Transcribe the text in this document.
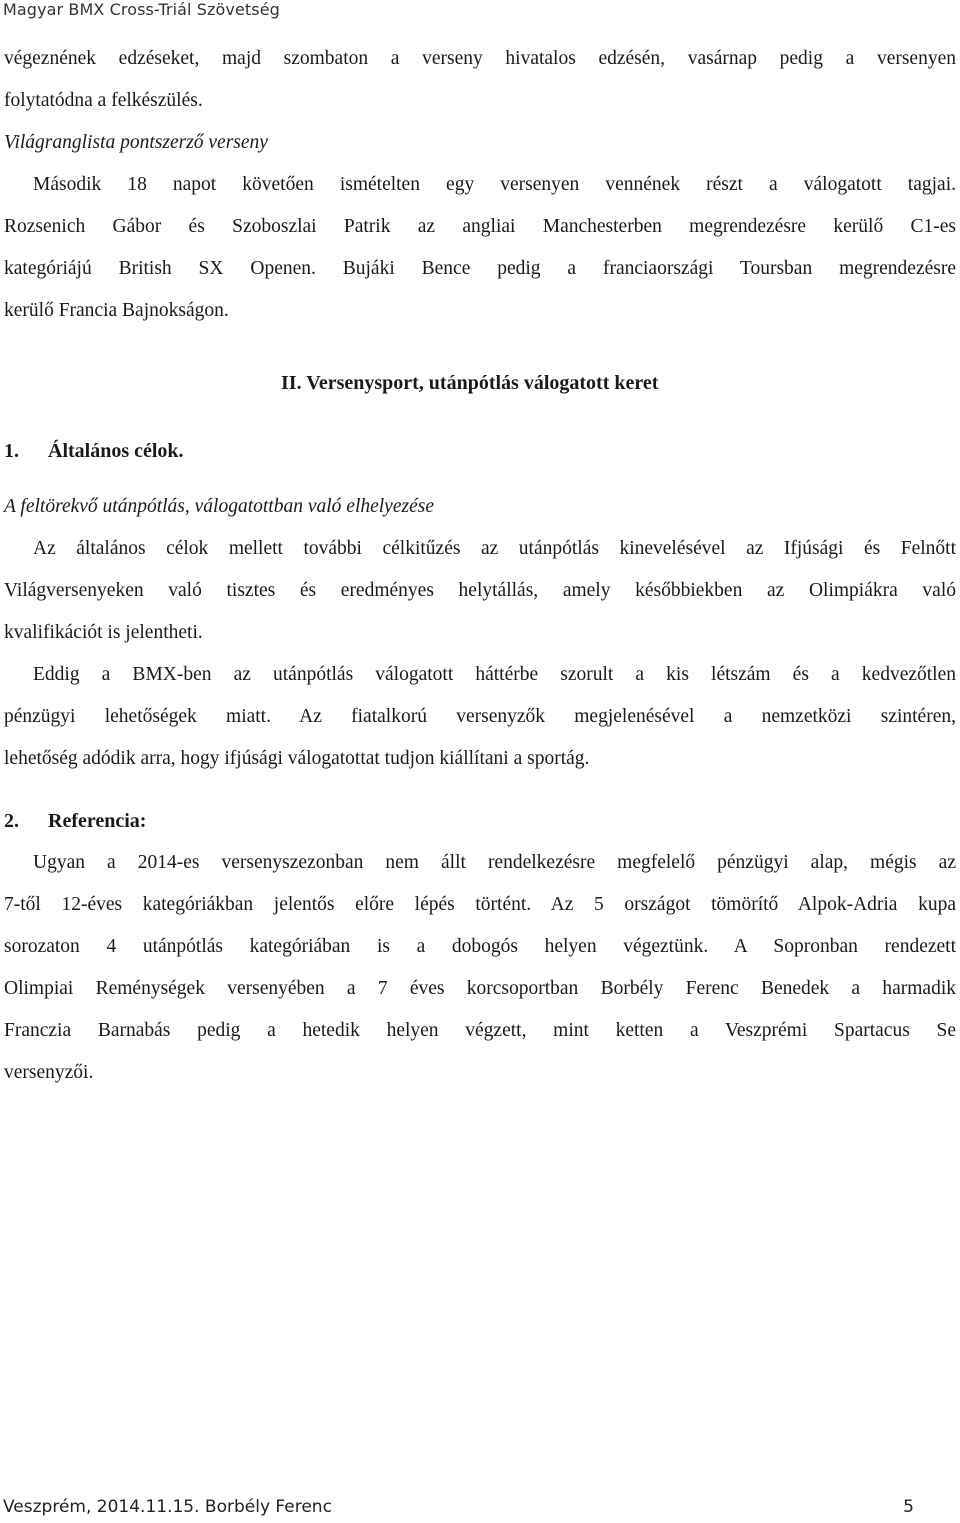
Magyar BMX Cross-Triál Szövetség

végeznének edzéseket, majd szombaton a verseny hivatalos edzésén, vasárnap pedig a versenyen

folytatódna a felkészülés.

Világranglista pontszerző verseny

Második 18 napot követően ismételten egy versenyen vennének részt a válogatott tagjai.

Rozsenich Gábor és Szoboszlai Patrik az angliai Manchesterben megrendezésre kerülő C1-es

kategóriájú British SX Openen. Bujáki Bence pedig a franciaországi Toursban megrendezésre

kerülő Francia Bajnokságon.

II. Versenysport, utánpótlás válogatott keret
1. Általános célok.

A feltörekvő utánpótlás, válogatottban való elhelyezése

Az általános célok mellett további célkitűzés az utánpótlás kinevelésével az Ifjúsági és Felnőtt

Világversenyeken való tisztes és eredményes helytállás, amely későbbiekben az Olimpiákra való

kvalifikációt is jelentheti.

Eddig a BMX-ben az utánpótlás válogatott háttérbe szorult a kis létszám és a kedvezőtlen

pénzügyi lehetőségek miatt. Az fiatalkorú versenyzők megjelenésével a nemzetközi szintéren,

lehetőség adódik arra, hogy ifjúsági válogatottat tudjon kiállítani a sportág.

2. Referencia:

Ugyan a 2014-es versenyszezonban nem állt rendelkezésre megfelelő pénzügyi alap, mégis az

7-től 12-éves kategóriákban jelentős előre lépés történt. Az 5 országot tömörítő Alpok-Adria kupa

sorozaton 4 utánpótlás kategóriában is a dobogós helyen végeztünk. A Sopronban rendezett

Olimpiai Reménységek versenyében a 7 éves korcsoportban Borbély Ferenc Benedek a harmadik

Franczia Barnabás pedig a hetedik helyen végzett, mint ketten a Veszprémi Spartacus Se

versenyzői.

Veszprém, 2014.11.15. Borbély Ferenc	5
